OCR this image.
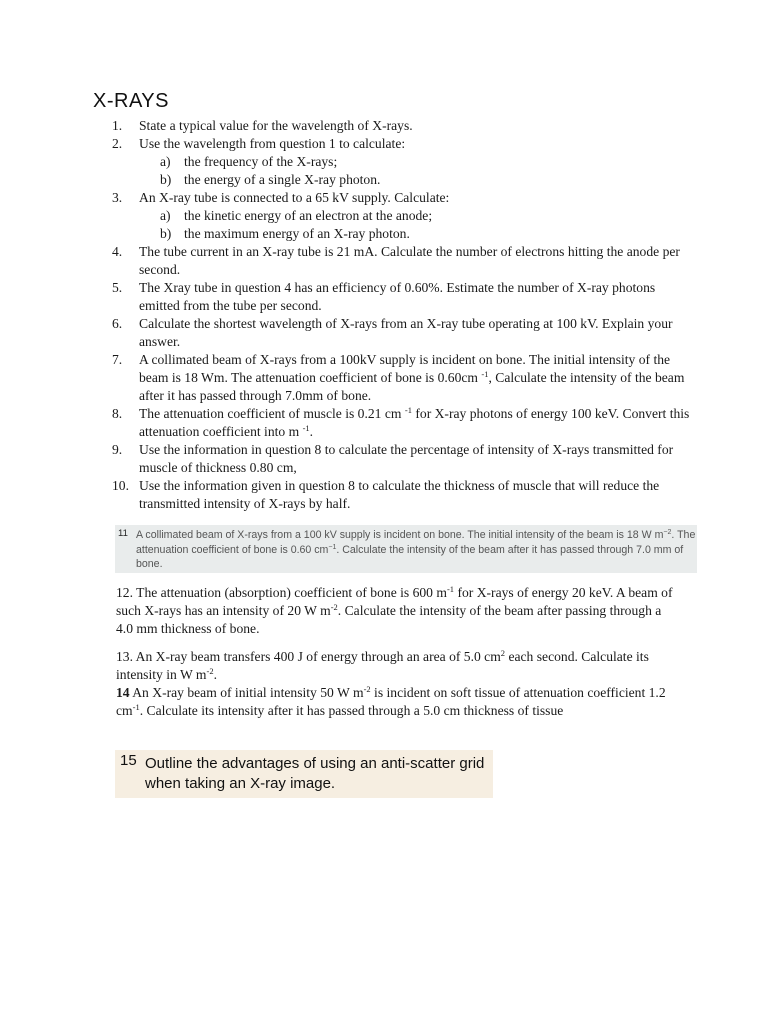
X-RAYS
1.	State a typical value for the wavelength of X-rays.
2.	Use the wavelength from question 1 to calculate:
a) the frequency of the X-rays;
b) the energy of a single X-ray photon.
3.	An X-ray tube is connected to a 65 kV supply. Calculate:
a) the kinetic energy of an electron at the anode;
b) the maximum energy of an X-ray photon.
4.	The tube current in an X-ray tube is 21 mA. Calculate the number of electrons hitting the anode per second.
5.	The Xray tube in question 4 has an efficiency of 0.60%. Estimate the number of X-ray photons emitted from the tube per second.
6.	Calculate the shortest wavelength of X-rays from an X-ray tube operating at 100 kV. Explain your answer.
7.	A collimated beam of X-rays from a 100kV supply is incident on bone. The initial intensity of the beam is 18 Wm. The attenuation coefficient of bone is 0.60cm $^{-1}$, Calculate the intensity of the beam after it has passed through 7.0mm of bone.
8.	The attenuation coefficient of muscle is 0.21 cm $^{-1}$ for X-ray photons of energy 100 keV. Convert this attenuation coefficient into m $^{-1}$.
9.	Use the information in question 8 to calculate the percentage of intensity of X-rays transmitted for muscle of thickness 0.80 cm,
10. Use the information given in question 8 to calculate the thickness of muscle that will reduce the transmitted intensity of X-rays by half.
11 A collimated beam of X-rays from a 100 kV supply is incident on bone. The initial intensity of the beam is 18 W $m^{-2}$. The attenuation coefficient of bone is 0.60 $cm^{-1}$. Calculate the intensity of the beam after it has passed through 7.0 mm of bone.
12. The attenuation (absorption) coefficient of bone is 600 $m^{-1}$ for X-rays of energy 20 keV. A beam of such X-rays has an intensity of 20 W $m^{-2}$. Calculate the intensity of the beam after passing through a 4.0 mm thickness of bone.
13. An X-ray beam transfers 400 J of energy through an area of 5.0 $cm^2$ each second. Calculate its intensity in W $m^{-2}$.
14 An X-ray beam of initial intensity 50 W $m^{-2}$ is incident on soft tissue of attenuation coefficient 1.2 $cm^{-1}$. Calculate its intensity after it has passed through a 5.0 cm thickness of tissue
15 Outline the advantages of using an anti-scatter grid when taking an X-ray image.
